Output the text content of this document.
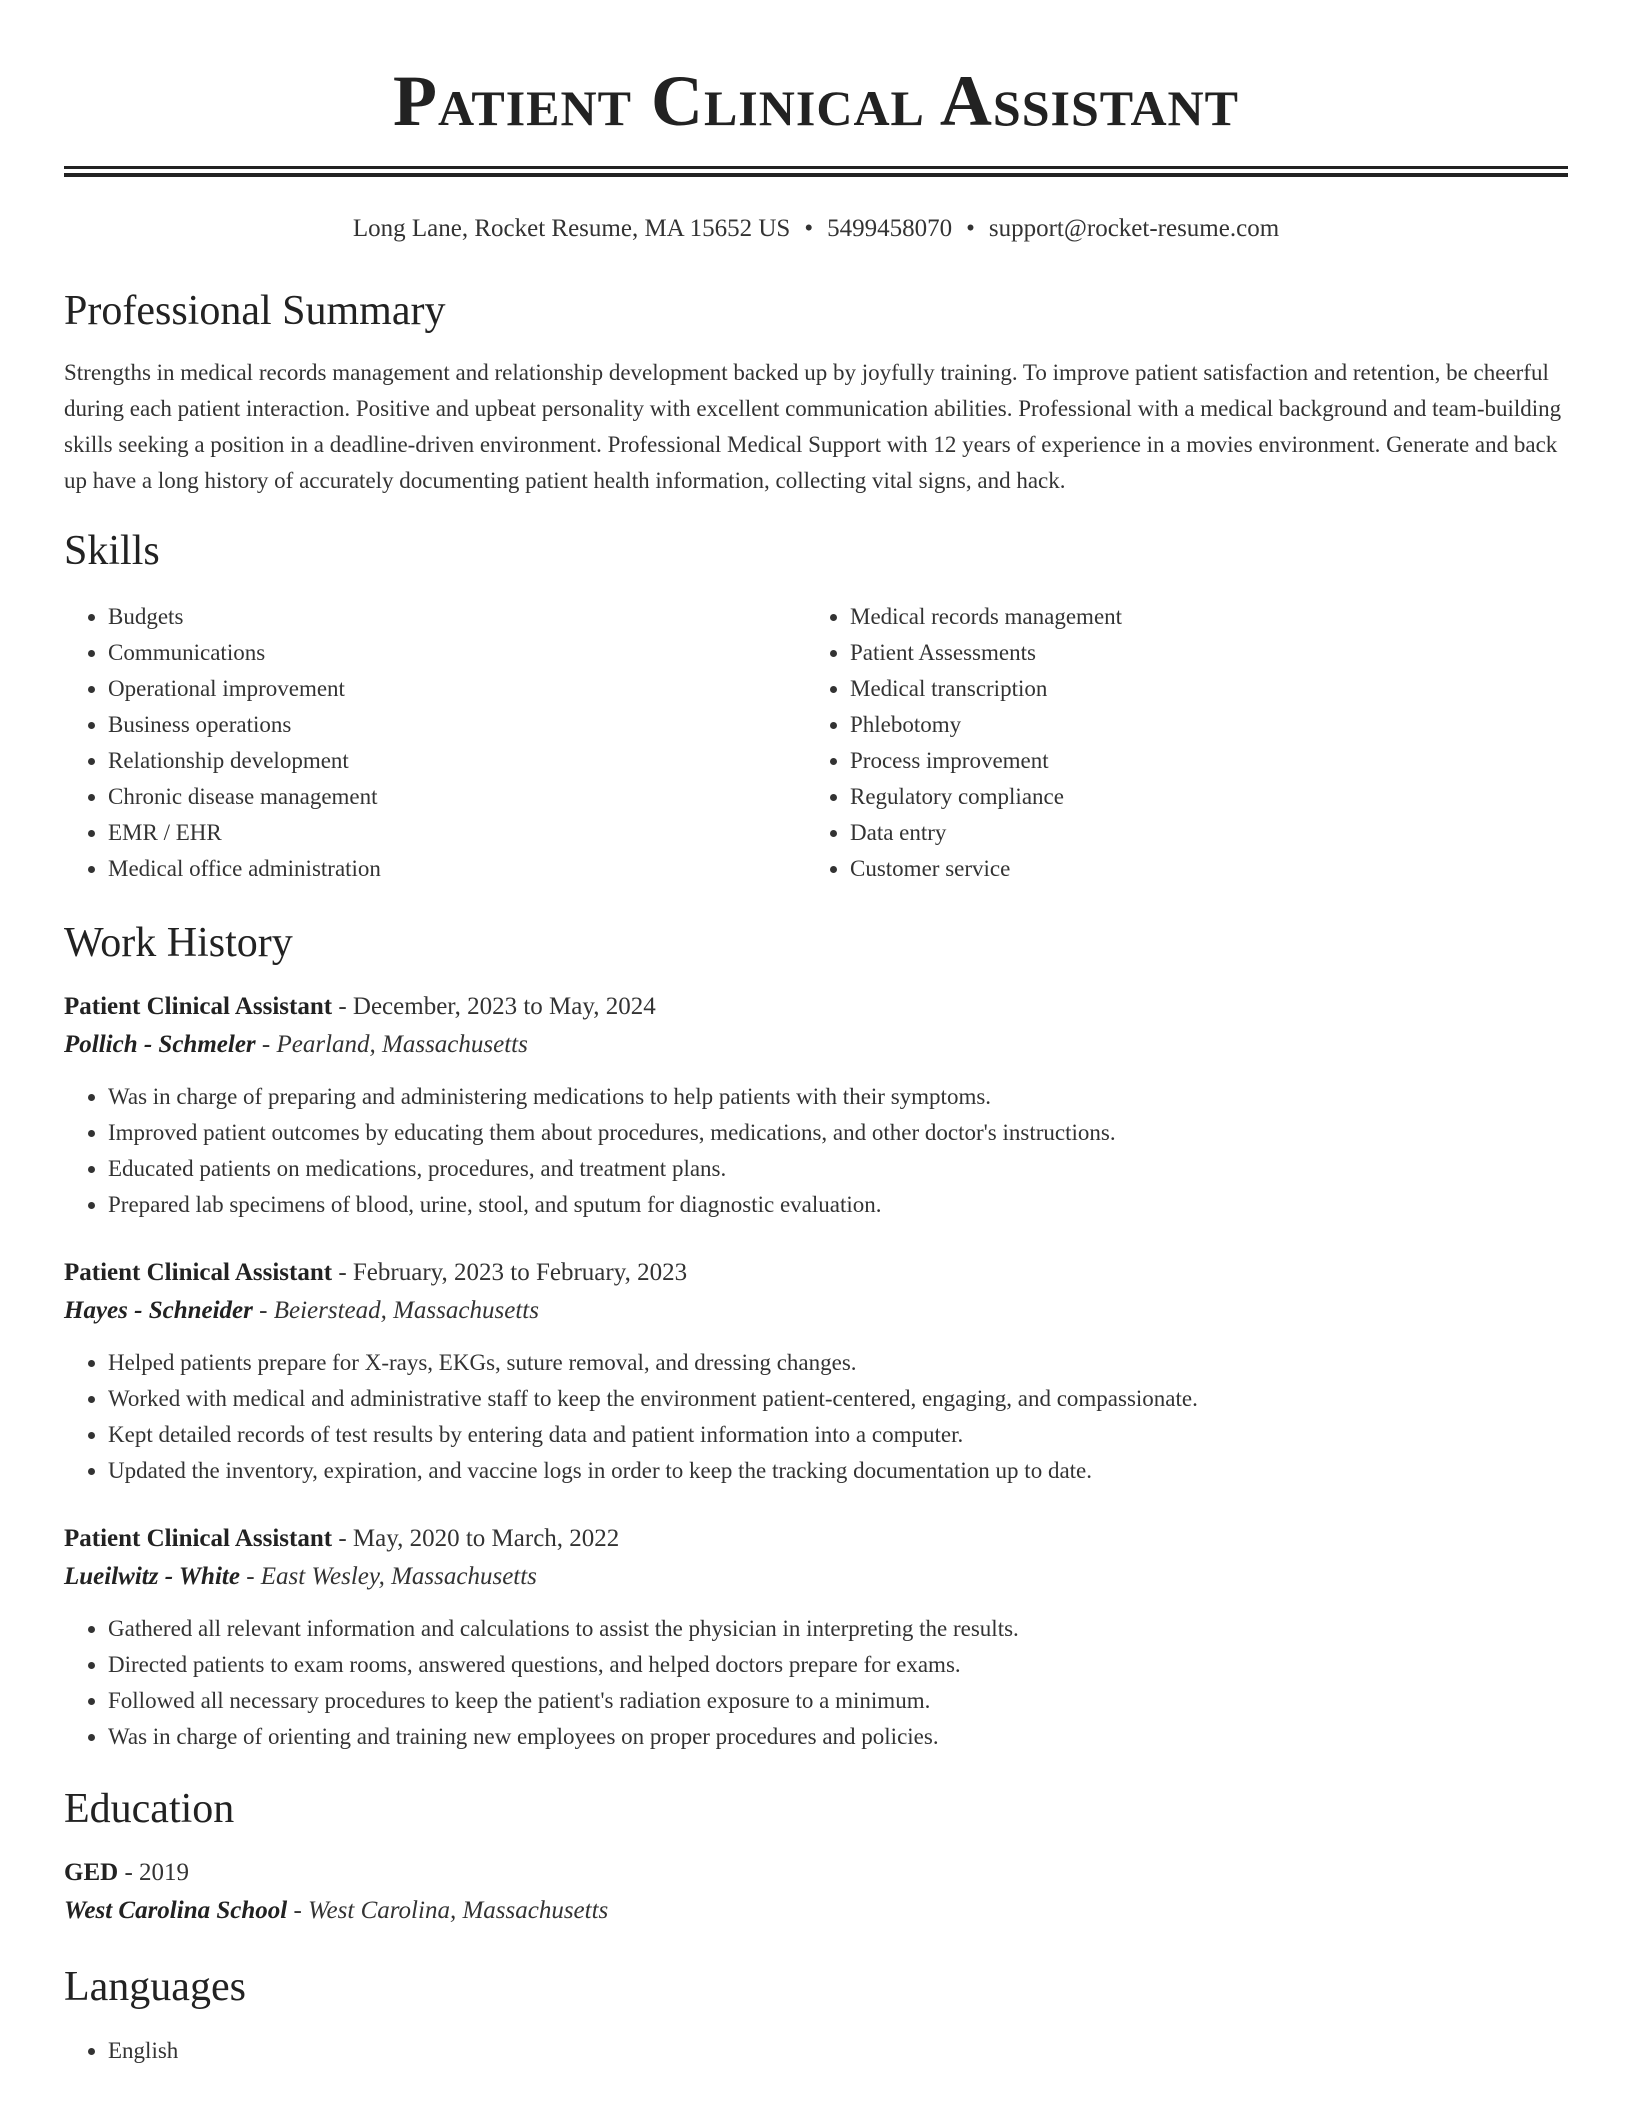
Patient Clinical Assistant
Long Lane, Rocket Resume, MA 15652 US • 5499458070 • support@rocket-resume.com
Professional Summary
Strengths in medical records management and relationship development backed up by joyfully training. To improve patient satisfaction and retention, be cheerful during each patient interaction. Positive and upbeat personality with excellent communication abilities. Professional with a medical background and team-building skills seeking a position in a deadline-driven environment. Professional Medical Support with 12 years of experience in a movies environment. Generate and back up have a long history of accurately documenting patient health information, collecting vital signs, and hack.
Skills
• Budgets
• Communications
• Operational improvement
• Business operations
• Relationship development
• Chronic disease management
• EMR / EHR
• Medical office administration
• Medical records management
• Patient Assessments
• Medical transcription
• Phlebotomy
• Process improvement
• Regulatory compliance
• Data entry
• Customer service
Work History
Patient Clinical Assistant - December, 2023 to May, 2024
Pollich - Schmeler - Pearland, Massachusetts
• Was in charge of preparing and administering medications to help patients with their symptoms.
• Improved patient outcomes by educating them about procedures, medications, and other doctor's instructions.
• Educated patients on medications, procedures, and treatment plans.
• Prepared lab specimens of blood, urine, stool, and sputum for diagnostic evaluation.
Patient Clinical Assistant - February, 2023 to February, 2023
Hayes - Schneider - Beierstead, Massachusetts
• Helped patients prepare for X-rays, EKGs, suture removal, and dressing changes.
• Worked with medical and administrative staff to keep the environment patient-centered, engaging, and compassionate.
• Kept detailed records of test results by entering data and patient information into a computer.
• Updated the inventory, expiration, and vaccine logs in order to keep the tracking documentation up to date.
Patient Clinical Assistant - May, 2020 to March, 2022
Lueilwitz - White - East Wesley, Massachusetts
• Gathered all relevant information and calculations to assist the physician in interpreting the results.
• Directed patients to exam rooms, answered questions, and helped doctors prepare for exams.
• Followed all necessary procedures to keep the patient's radiation exposure to a minimum.
• Was in charge of orienting and training new employees on proper procedures and policies.
Education
GED - 2019
West Carolina School - West Carolina, Massachusetts
Languages
• English
